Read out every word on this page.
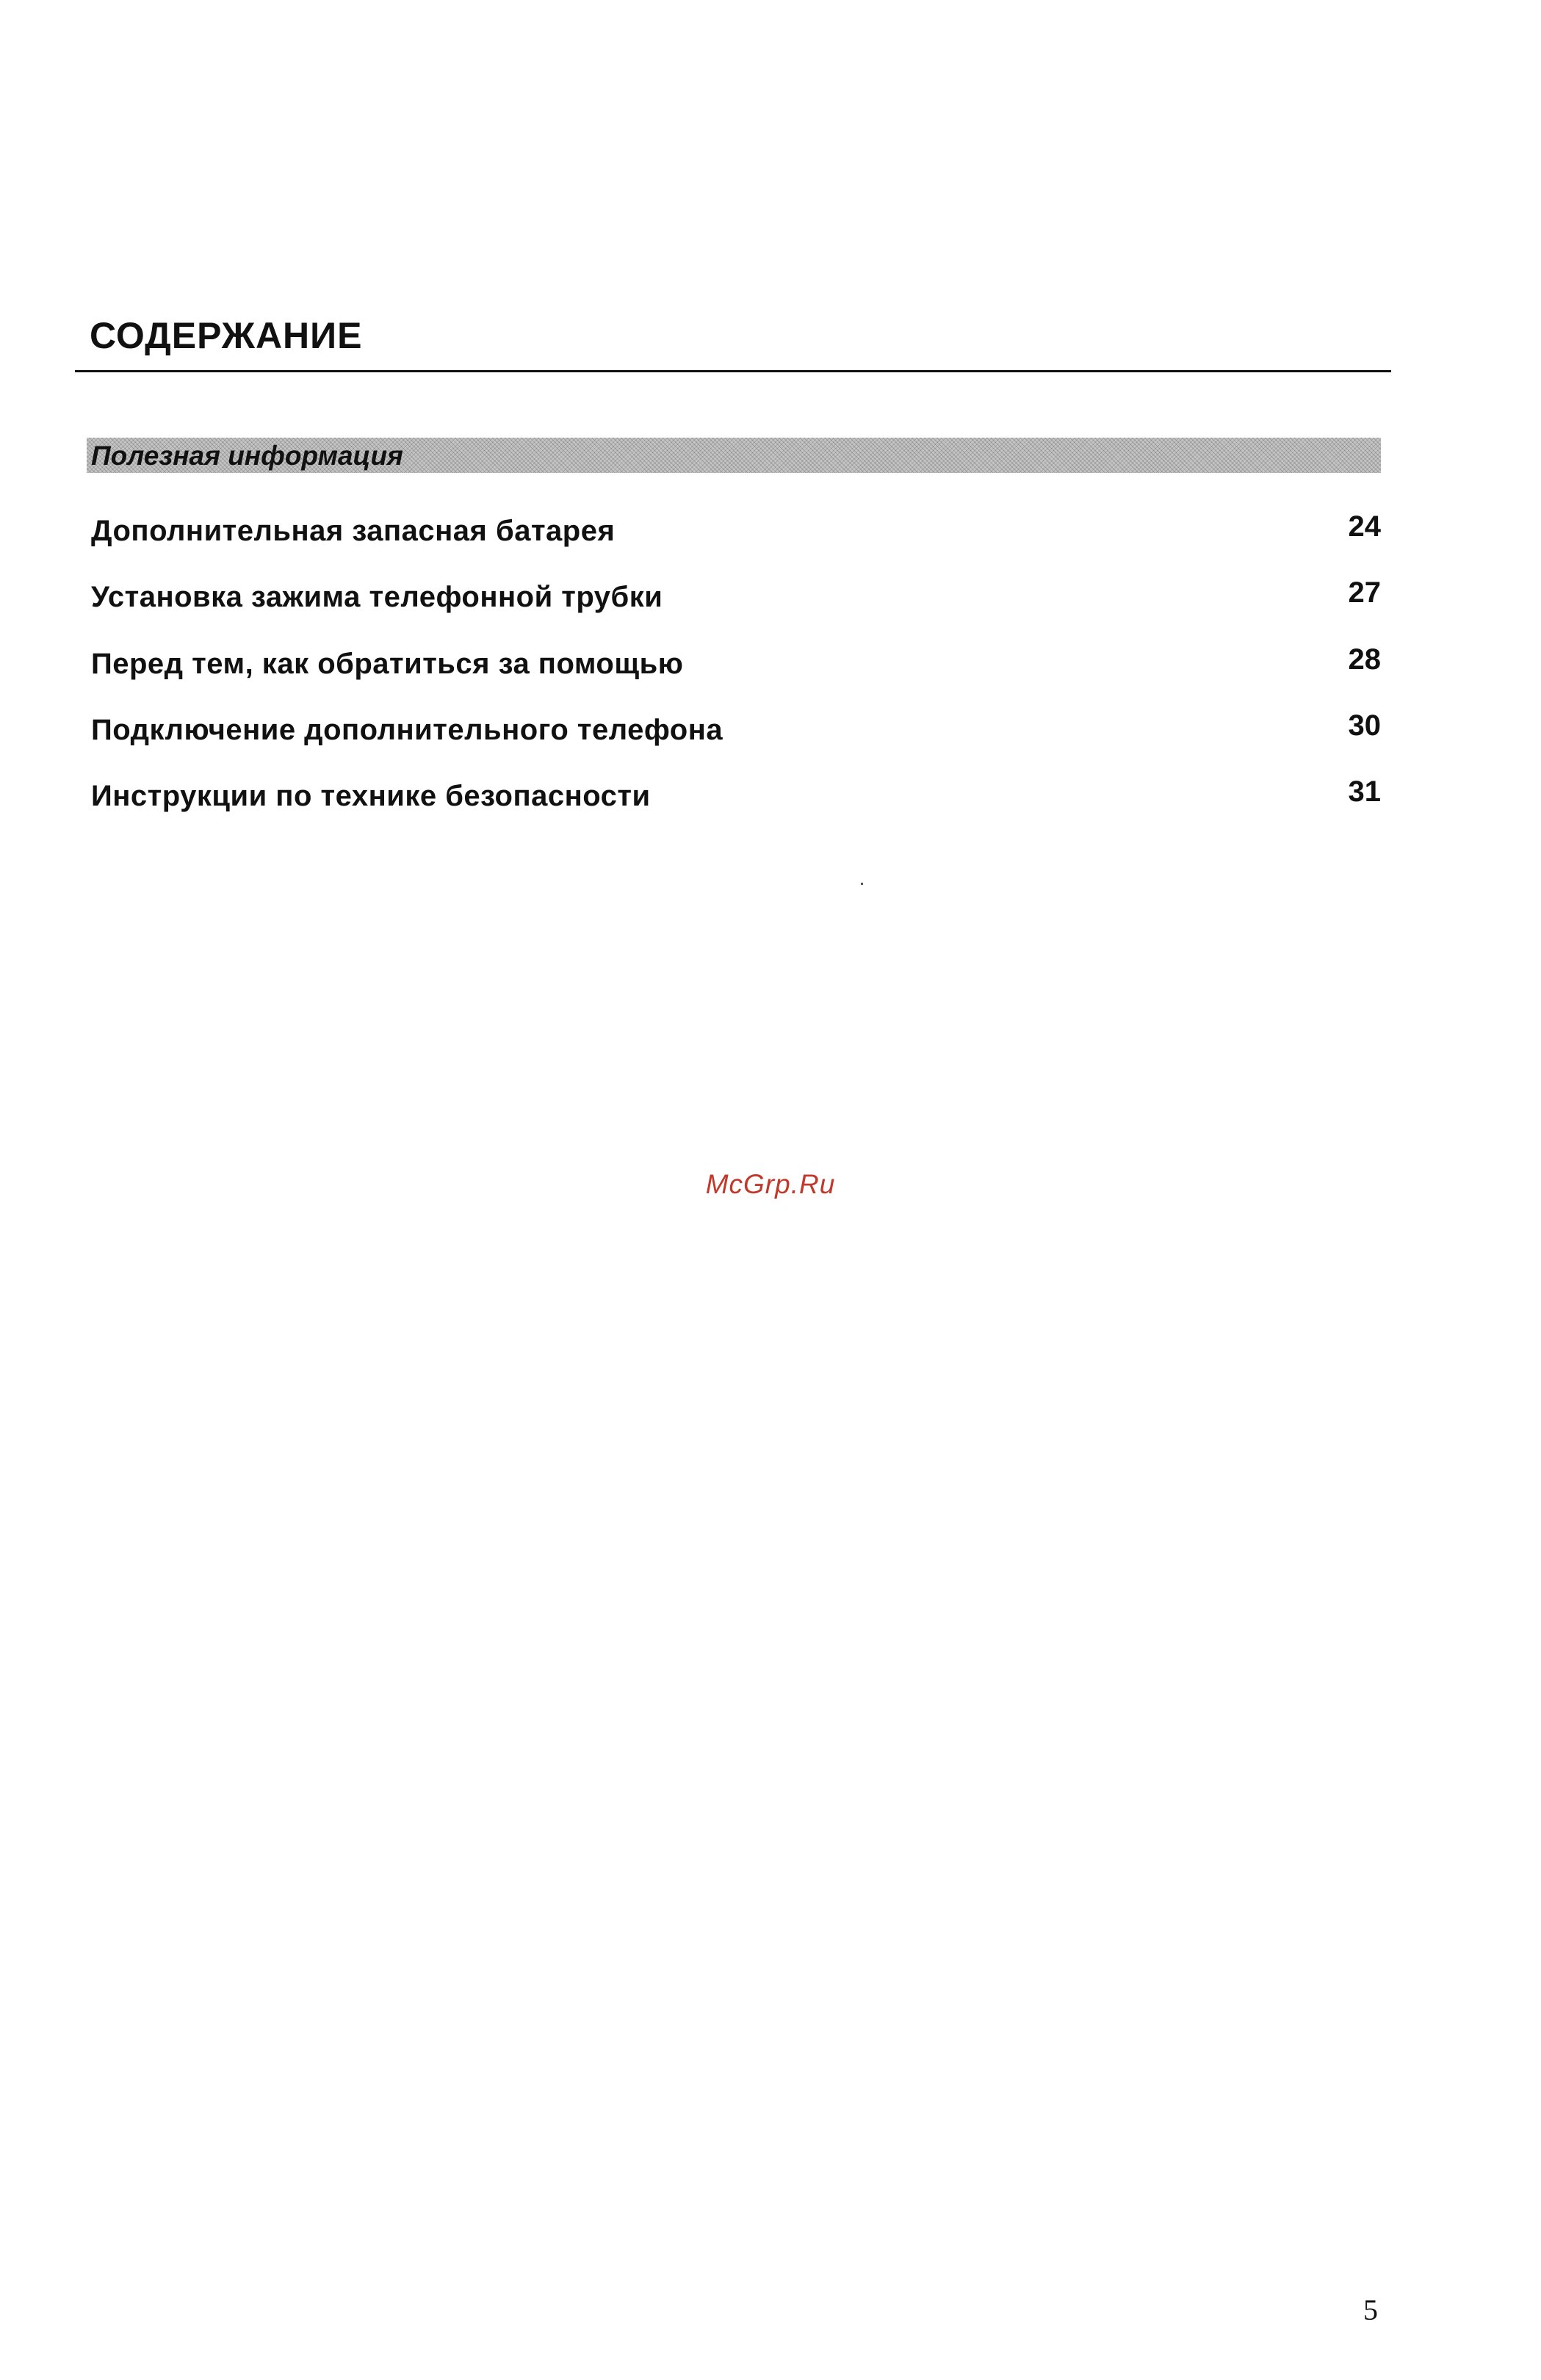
СОДЕРЖАНИЕ
Полезная информация
Дополнительная запасная батарея	24
Установка зажима телефонной трубки	27
Перед тем, как обратиться за помощью	28
Подключение дополнительного телефона	30
Инструкции по технике безопасности	31
McGrp.Ru
5
